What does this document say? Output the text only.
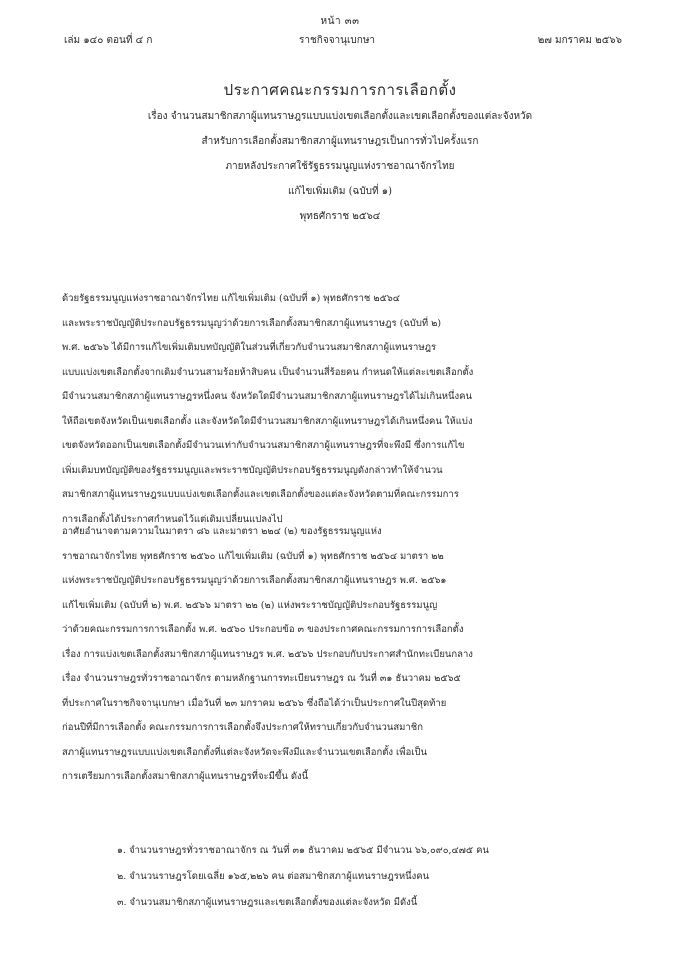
หน้า ๓๓
เล่ม ๑๔๐ ตอนที่ ๔ ก	ราชกิจจานุเบกษา	๒๗ มกราคม ๒๕๖๖
ประกาศคณะกรรมการการเลือกตั้ง
เรื่อง จำนวนสมาชิกสภาผู้แทนราษฎรแบบแบ่งเขตเลือกตั้งและเขตเลือกตั้งของแต่ละจังหวัด
สำหรับการเลือกตั้งสมาชิกสภาผู้แทนราษฎรเป็นการทั่วไปครั้งแรก
ภายหลังประกาศใช้รัฐธรรมนูญแห่งราชอาณาจักรไทย
แก้ไขเพิ่มเติม (ฉบับที่ ๑)
พุทธศักราช ๒๕๖๔
ด้วยรัฐธรรมนูญแห่งราชอาณาจักรไทย แก้ไขเพิ่มเติม (ฉบับที่ ๑) พุทธศักราช ๒๕๖๔
และพระราชบัญญัติประกอบรัฐธรรมนูญว่าด้วยการเลือกตั้งสมาชิกสภาผู้แทนราษฎร (ฉบับที่ ๒)
พ.ศ. ๒๕๖๖ ได้มีการแก้ไขเพิ่มเติมบทบัญญัติในส่วนที่เกี่ยวกับจำนวนสมาชิกสภาผู้แทนราษฎร
แบบแบ่งเขตเลือกตั้งจากเดิมจำนวนสามร้อยห้าสิบคน เป็นจำนวนสี่ร้อยคน กำหนดให้แต่ละเขตเลือกตั้ง
มีจำนวนสมาชิกสภาผู้แทนราษฎรหนึ่งคน จังหวัดใดมีจำนวนสมาชิกสภาผู้แทนราษฎรได้ไม่เกินหนึ่งคน
ให้ถือเขตจังหวัดเป็นเขตเลือกตั้ง และจังหวัดใดมีจำนวนสมาชิกสภาผู้แทนราษฎรได้เกินหนึ่งคน ให้แบ่ง
เขตจังหวัดออกเป็นเขตเลือกตั้งมีจำนวนเท่ากับจำนวนสมาชิกสภาผู้แทนราษฎรที่จะพึงมี ซึ่งการแก้ไข
เพิ่มเติมบทบัญญัติของรัฐธรรมนูญและพระราชบัญญัติประกอบรัฐธรรมนูญดังกล่าวทำให้จำนวน
สมาชิกสภาผู้แทนราษฎรแบบแบ่งเขตเลือกตั้งและเขตเลือกตั้งของแต่ละจังหวัดตามที่คณะกรรมการ
การเลือกตั้งได้ประกาศกำหนดไว้แต่เดิมเปลี่ยนแปลงไป
อาศัยอำนาจตามความในมาตรา ๘๖ และมาตรา ๒๒๔ (๒) ของรัฐธรรมนูญแห่ง
ราชอาณาจักรไทย พุทธศักราช ๒๕๖๐ แก้ไขเพิ่มเติม (ฉบับที่ ๑) พุทธศักราช ๒๕๖๔ มาตรา ๒๒
แห่งพระราชบัญญัติประกอบรัฐธรรมนูญว่าด้วยการเลือกตั้งสมาชิกสภาผู้แทนราษฎร พ.ศ. ๒๕๖๑
แก้ไขเพิ่มเติม (ฉบับที่ ๒) พ.ศ. ๒๕๖๖ มาตรา ๒๒ (๒) แห่งพระราชบัญญัติประกอบรัฐธรรมนูญ
ว่าด้วยคณะกรรมการการเลือกตั้ง พ.ศ. ๒๕๖๐ ประกอบข้อ ๓ ของประกาศคณะกรรมการการเลือกตั้ง
เรื่อง การแบ่งเขตเลือกตั้งสมาชิกสภาผู้แทนราษฎร พ.ศ. ๒๕๖๖ ประกอบกับประกาศสำนักทะเบียนกลาง
เรื่อง จำนวนราษฎรทั่วราชอาณาจักร ตามหลักฐานการทะเบียนราษฎร ณ วันที่ ๓๑ ธันวาคม ๒๕๖๕
ที่ประกาศในราชกิจจานุเบกษา เมื่อวันที่ ๒๓ มกราคม ๒๕๖๖ ซึ่งถือได้ว่าเป็นประกาศในปีสุดท้าย
ก่อนปีที่มีการเลือกตั้ง คณะกรรมการการเลือกตั้งจึงประกาศให้ทราบเกี่ยวกับจำนวนสมาชิก
สภาผู้แทนราษฎรแบบแบ่งเขตเลือกตั้งที่แต่ละจังหวัดจะพึงมีและจำนวนเขตเลือกตั้ง เพื่อเป็น
การเตรียมการเลือกตั้งสมาชิกสภาผู้แทนราษฎรที่จะมีขึ้น ดังนี้
๑. จำนวนราษฎรทั่วราชอาณาจักร ณ วันที่ ๓๑ ธันวาคม ๒๕๖๕ มีจำนวน ๖๖,๐๙๐,๔๗๕ คน
๒. จำนวนราษฎรโดยเฉลี่ย ๑๖๕,๒๒๖ คน ต่อสมาชิกสภาผู้แทนราษฎรหนึ่งคน
๓. จำนวนสมาชิกสภาผู้แทนราษฎรและเขตเลือกตั้งของแต่ละจังหวัด มีดังนี้
